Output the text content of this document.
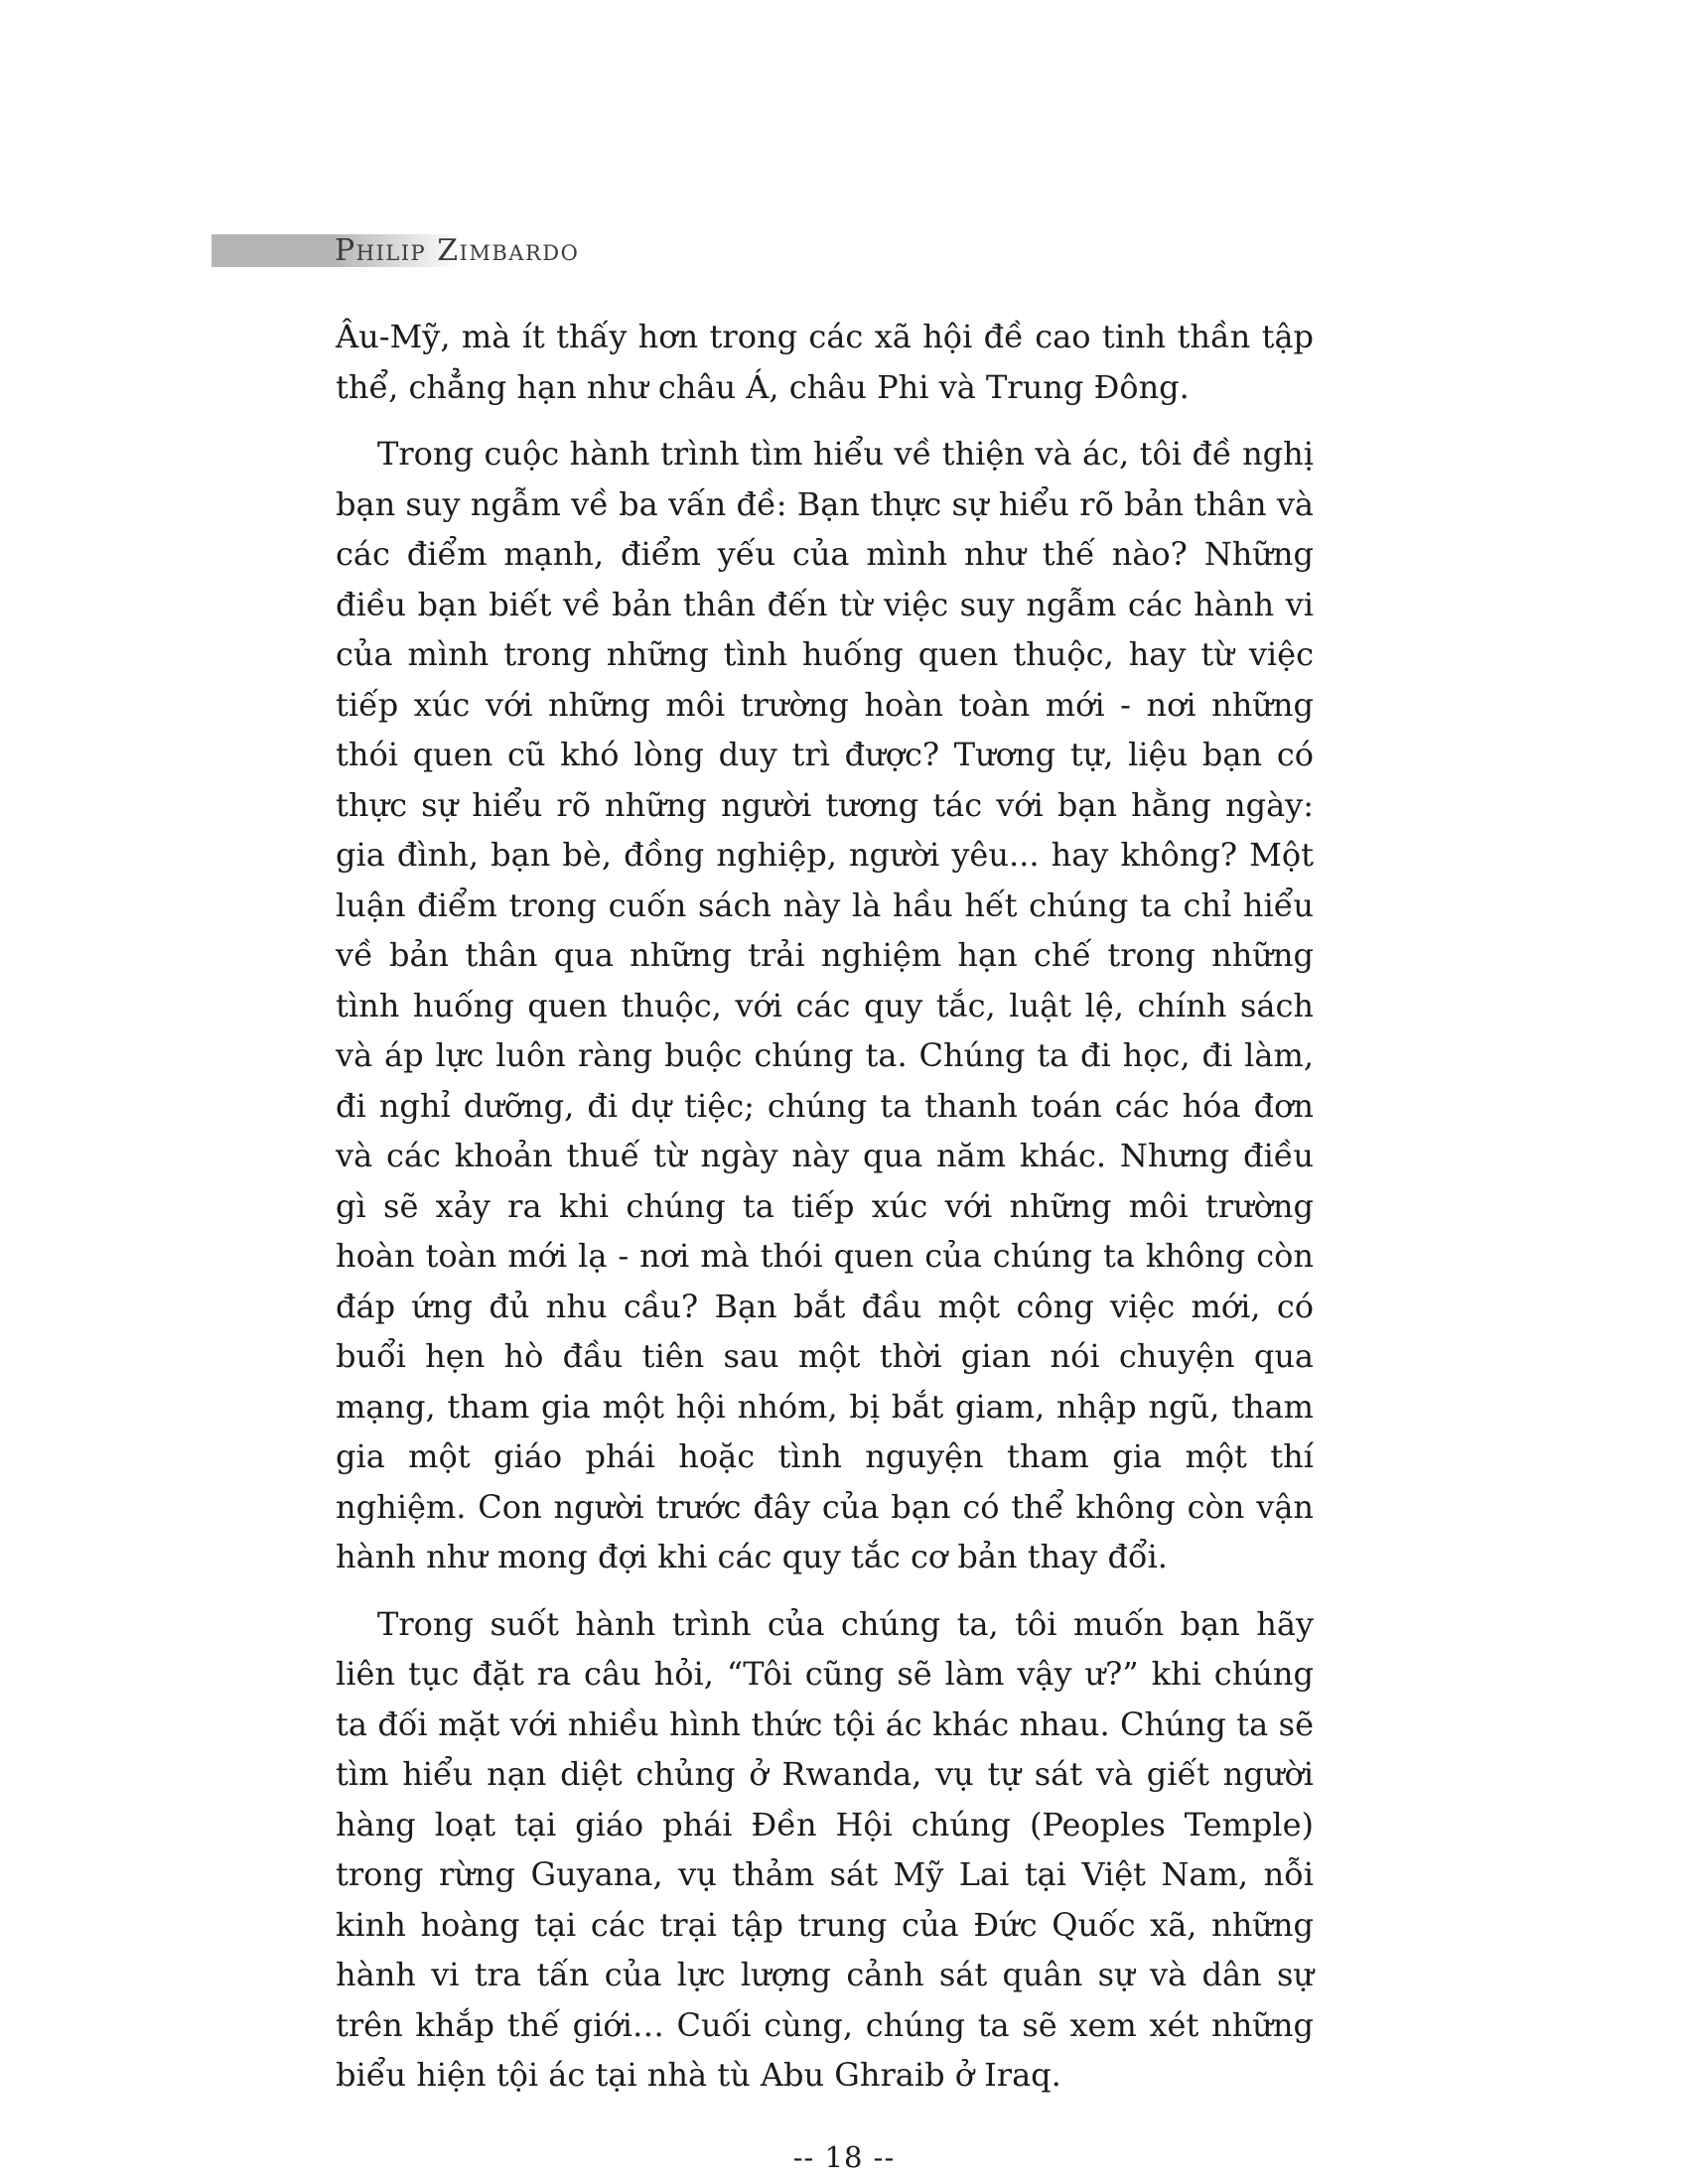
Philip Zimbardo

Âu-Mỹ, mà ít thấy hơn trong các xã hội đề cao tinh thần tập thể, chẳng hạn như châu Á, châu Phi và Trung Đông.

Trong cuộc hành trình tìm hiểu về thiện và ác, tôi đề nghị bạn suy ngẫm về ba vấn đề: Bạn thực sự hiểu rõ bản thân và các điểm mạnh, điểm yếu của mình như thế nào? Những điều bạn biết về bản thân đến từ việc suy ngẫm các hành vi của mình trong những tình huống quen thuộc, hay từ việc tiếp xúc với những môi trường hoàn toàn mới - nơi những thói quen cũ khó lòng duy trì được? Tương tự, liệu bạn có thực sự hiểu rõ những người tương tác với bạn hằng ngày: gia đình, bạn bè, đồng nghiệp, người yêu... hay không? Một luận điểm trong cuốn sách này là hầu hết chúng ta chỉ hiểu về bản thân qua những trải nghiệm hạn chế trong những tình huống quen thuộc, với các quy tắc, luật lệ, chính sách và áp lực luôn ràng buộc chúng ta. Chúng ta đi học, đi làm, đi nghỉ dưỡng, đi dự tiệc; chúng ta thanh toán các hóa đơn và các khoản thuế từ ngày này qua năm khác. Nhưng điều gì sẽ xảy ra khi chúng ta tiếp xúc với những môi trường hoàn toàn mới lạ - nơi mà thói quen của chúng ta không còn đáp ứng đủ nhu cầu? Bạn bắt đầu một công việc mới, có buổi hẹn hò đầu tiên sau một thời gian nói chuyện qua mạng, tham gia một hội nhóm, bị bắt giam, nhập ngũ, tham gia một giáo phái hoặc tình nguyện tham gia một thí nghiệm. Con người trước đây của bạn có thể không còn vận hành như mong đợi khi các quy tắc cơ bản thay đổi.

Trong suốt hành trình của chúng ta, tôi muốn bạn hãy liên tục đặt ra câu hỏi, “Tôi cũng sẽ làm vậy ư?” khi chúng ta đối mặt với nhiều hình thức tội ác khác nhau. Chúng ta sẽ tìm hiểu nạn diệt chủng ở Rwanda, vụ tự sát và giết người hàng loạt tại giáo phái Đền Hội chúng (Peoples Temple) trong rừng Guyana, vụ thảm sát Mỹ Lai tại Việt Nam, nỗi kinh hoàng tại các trại tập trung của Đức Quốc xã, những hành vi tra tấn của lực lượng cảnh sát quân sự và dân sự trên khắp thế giới… Cuối cùng, chúng ta sẽ xem xét những biểu hiện tội ác tại nhà tù Abu Ghraib ở Iraq.

-- 18 --
